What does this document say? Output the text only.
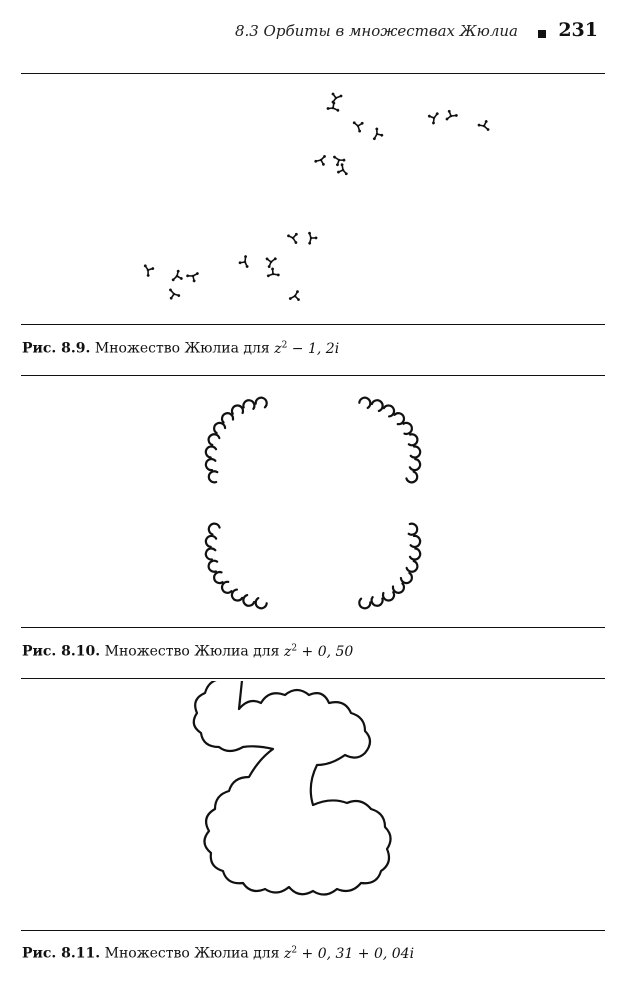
8.3 Орбиты в множествах Жюлиа 231
Рис. 8.9. Множество Жюлиа для $z^2 - 1$, 2i
Рис. 8.10. Множество Жюлиа для $z^2 + 0$, 50
Рис. 8.11. Множество Жюлиа для $z^2 + 0$, 31 + 0, 04i
